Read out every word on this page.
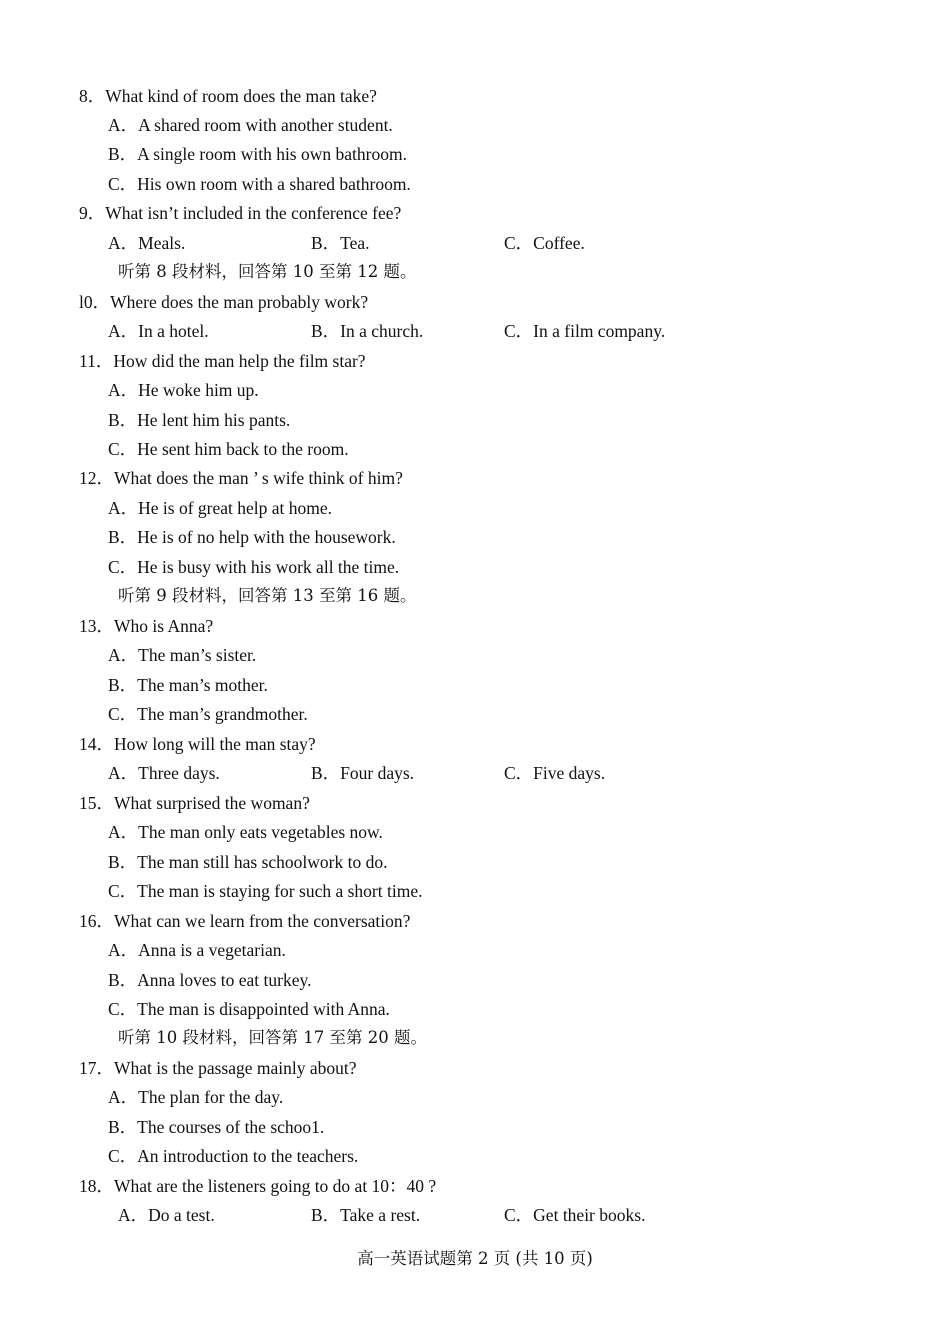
8．What kind of room does the man take?
A．A shared room with another student.
B．A single room with his own bathroom.
C．His own room with a shared bathroom.
9．What isn’t included in the conference fee?
A．Meals.	B．Tea.	C．Coffee.
听第 8 段材料，回答第 10 至第 12 题。
l0．Where does the man probably work?
A．In a hotel.	B．In a church.	C．In a film company.
11．How did the man help the film star?
A．He woke him up.
B．He lent him his pants.
C．He sent him back to the room.
12．What does the man ’ s wife think of him?
A．He is of great help at home.
B．He is of no help with the housework.
C．He is busy with his work all the time.
听第 9 段材料，回答第 13 至第 16 题。
13．Who is Anna?
A．The man’s sister.
B．The man’s mother.
C．The man’s grandmother.
14．How long will the man stay?
A．Three days.	B．Four days.	C．Five days.
15．What surprised the woman?
A．The man only eats vegetables now.
B．The man still has schoolwork to do.
C．The man is staying for such a short time.
16．What can we learn from the conversation?
A．Anna is a vegetarian.
B．Anna loves to eat turkey.
C．The man is disappointed with Anna.
听第 10 段材料，回答第 17 至第 20 题。
17．What is the passage mainly about?
A．The plan for the day.
B．The courses of the schoo1.
C．An introduction to the teachers.
18．What are the listeners going to do at 10：40 ?
A．Do a test.	B．Take a rest.	C．Get their books.
高一英语试题第 2 页 (共 10 页)
